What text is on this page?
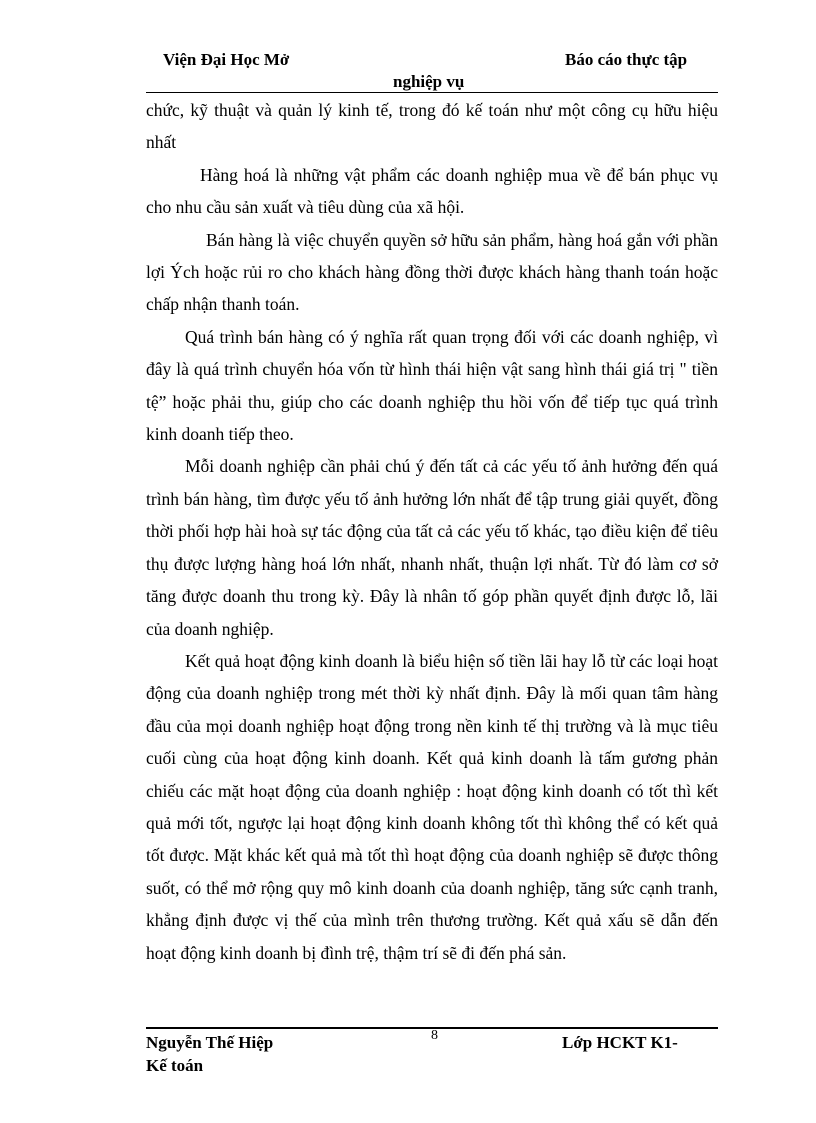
Viện Đại Học Mở	Báo cáo thực tập
nghiệp vụ

chức, kỹ thuật và quản lý kinh tế, trong đó kế toán như một công cụ hữu hiệu nhất

Hàng hoá là những vật phẩm các doanh nghiệp mua về để bán phục vụ cho nhu cầu sản xuất và tiêu dùng của xã hội.

Bán hàng là việc chuyển quyền sở hữu sản phẩm, hàng hoá gắn với phần lợi Ých hoặc rủi ro cho khách hàng đồng thời được khách hàng thanh toán hoặc chấp nhận thanh toán.

Quá trình bán hàng có ý nghĩa rất quan trọng đối với các doanh nghiệp, vì đây là quá trình chuyển hóa vốn từ hình thái hiện vật sang hình thái giá trị " tiền tệ” hoặc phải thu, giúp cho các doanh nghiệp thu hồi vốn để tiếp tục quá trình kinh doanh tiếp theo.

Mỗi doanh nghiệp cần phải chú ý đến tất cả các yếu tố ảnh hưởng đến quá trình bán hàng, tìm được yếu tố ảnh hưởng lớn nhất để tập trung giải quyết, đồng thời phối hợp hài hoà sự tác động của tất cả các yếu tố khác, tạo điều kiện để tiêu thụ được lượng hàng hoá lớn nhất, nhanh nhất, thuận lợi nhất. Từ đó làm cơ sở tăng được doanh thu trong kỳ. Đây là nhân tố góp phần quyết định được lỗ, lãi của doanh nghiệp.

Kết quả hoạt động kinh doanh là biểu hiện số tiền lãi hay lỗ từ các loại hoạt động của doanh nghiệp trong mét thời kỳ nhất định. Đây là mối quan tâm hàng đầu của mọi doanh nghiệp hoạt động trong nền kinh tế thị trường và là mục tiêu cuối cùng của hoạt động kinh doanh. Kết quả kinh doanh là tấm gương phản chiếu các mặt hoạt động của doanh nghiệp : hoạt động kinh doanh có tốt thì kết quả mới tốt, ngược lại hoạt động kinh doanh không tốt thì không thể có kết quả tốt được. Mặt khác kết quả mà tốt thì hoạt động của doanh nghiệp sẽ được thông suốt, có thể mở rộng quy mô kinh doanh của doanh nghiệp, tăng sức cạnh tranh, khẳng định được vị thế của mình trên thương trường. Kết quả xấu sẽ dẫn đến hoạt động kinh doanh bị đình trệ, thậm trí sẽ đi đến phá sản.

Nguyễn Thế Hiệp	8	Lớp HCKT K1-
Kế toán
